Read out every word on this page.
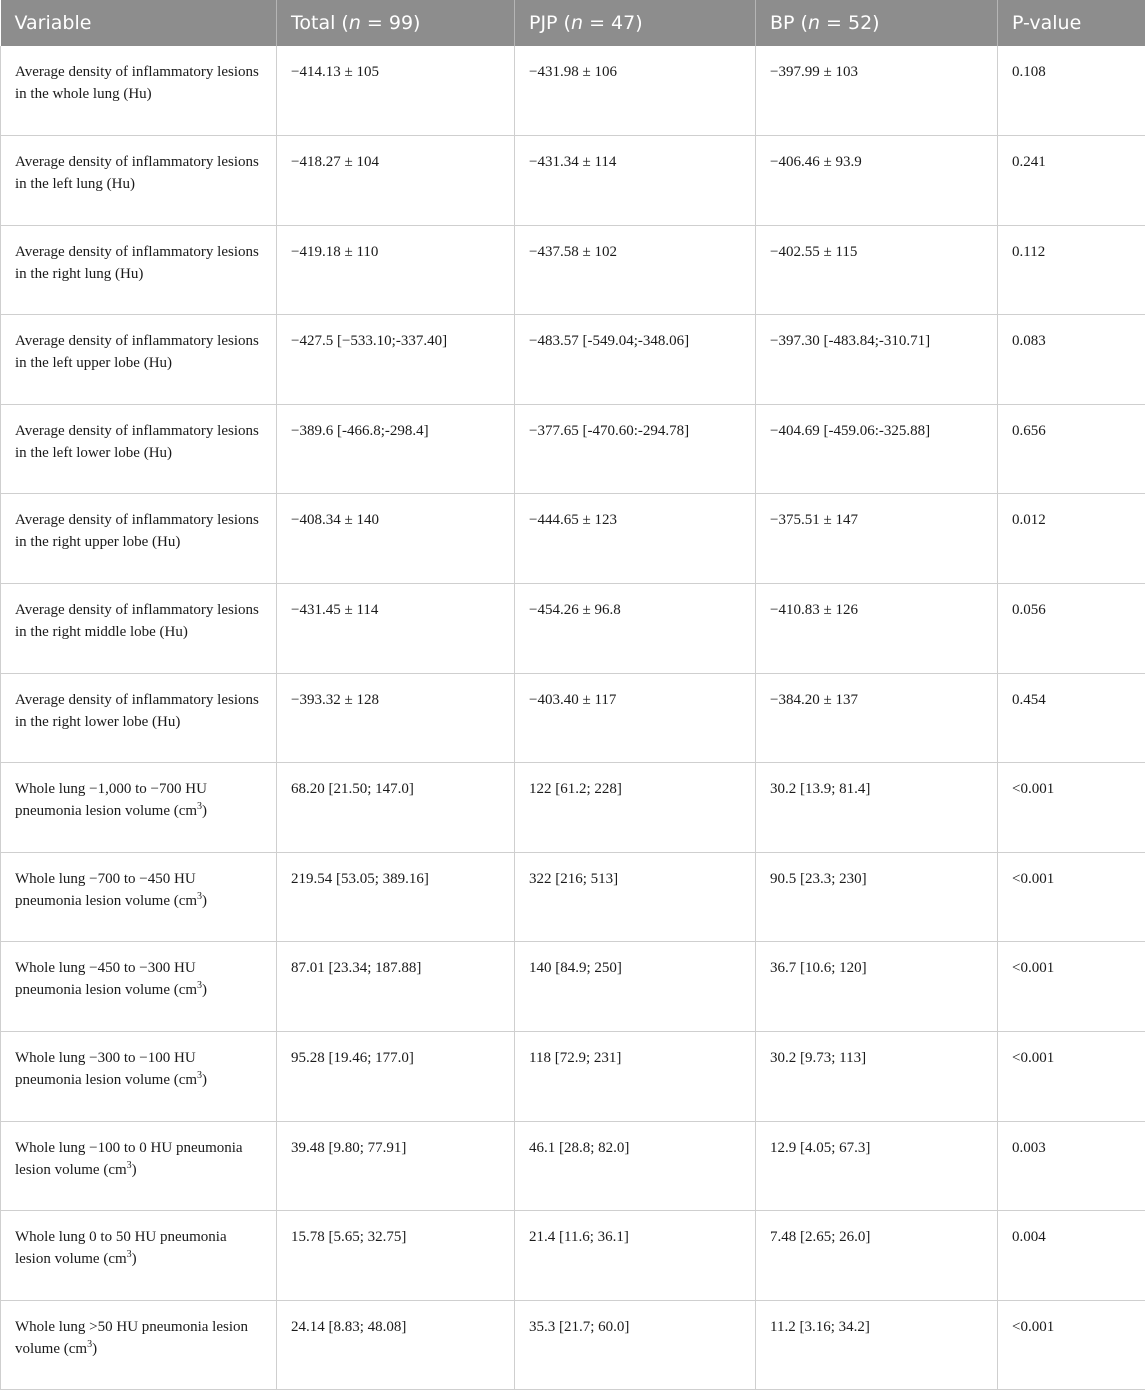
Variable	Total (n = 99)	PJP (n = 47)	BP (n = 52)	P-value
Average density of inflammatory lesions in the whole lung (Hu)	−414.13 ± 105	−431.98 ± 106	−397.99 ± 103	0.108
Average density of inflammatory lesions in the left lung (Hu)	−418.27 ± 104	−431.34 ± 114	−406.46 ± 93.9	0.241
Average density of inflammatory lesions in the right lung (Hu)	−419.18 ± 110	−437.58 ± 102	−402.55 ± 115	0.112
Average density of inflammatory lesions in the left upper lobe (Hu)	−427.5 [−533.10;-337.40]	−483.57 [-549.04;-348.06]	−397.30 [-483.84;-310.71]	0.083
Average density of inflammatory lesions in the left lower lobe (Hu)	−389.6 [-466.8;-298.4]	−377.65 [-470.60:-294.78]	−404.69 [-459.06:-325.88]	0.656
Average density of inflammatory lesions in the right upper lobe (Hu)	−408.34 ± 140	−444.65 ± 123	−375.51 ± 147	0.012
Average density of inflammatory lesions in the right middle lobe (Hu)	−431.45 ± 114	−454.26 ± 96.8	−410.83 ± 126	0.056
Average density of inflammatory lesions in the right lower lobe (Hu)	−393.32 ± 128	−403.40 ± 117	−384.20 ± 137	0.454
Whole lung −1,000 to −700 HU pneumonia lesion volume $(cm^3)$	68.20 [21.50; 147.0]	122 [61.2; 228]	30.2 [13.9; 81.4]	<0.001
Whole lung −700 to −450 HU pneumonia lesion volume $(cm^3)$	219.54 [53.05; 389.16]	322 [216; 513]	90.5 [23.3; 230]	<0.001
Whole lung −450 to −300 HU pneumonia lesion volume $(cm^3)$	87.01 [23.34; 187.88]	140 [84.9; 250]	36.7 [10.6; 120]	<0.001
Whole lung −300 to −100 HU pneumonia lesion volume $(cm^3)$	95.28 [19.46; 177.0]	118 [72.9; 231]	30.2 [9.73; 113]	<0.001
Whole lung −100 to 0 HU pneumonia lesion volume $(cm^3)$	39.48 [9.80; 77.91]	46.1 [28.8; 82.0]	12.9 [4.05; 67.3]	0.003
Whole lung 0 to 50 HU pneumonia lesion volume $(cm^3)$	15.78 [5.65; 32.75]	21.4 [11.6; 36.1]	7.48 [2.65; 26.0]	0.004
Whole lung >50 HU pneumonia lesion volume $(cm^3)$	24.14 [8.83; 48.08]	35.3 [21.7; 60.0]	11.2 [3.16; 34.2]	<0.001
